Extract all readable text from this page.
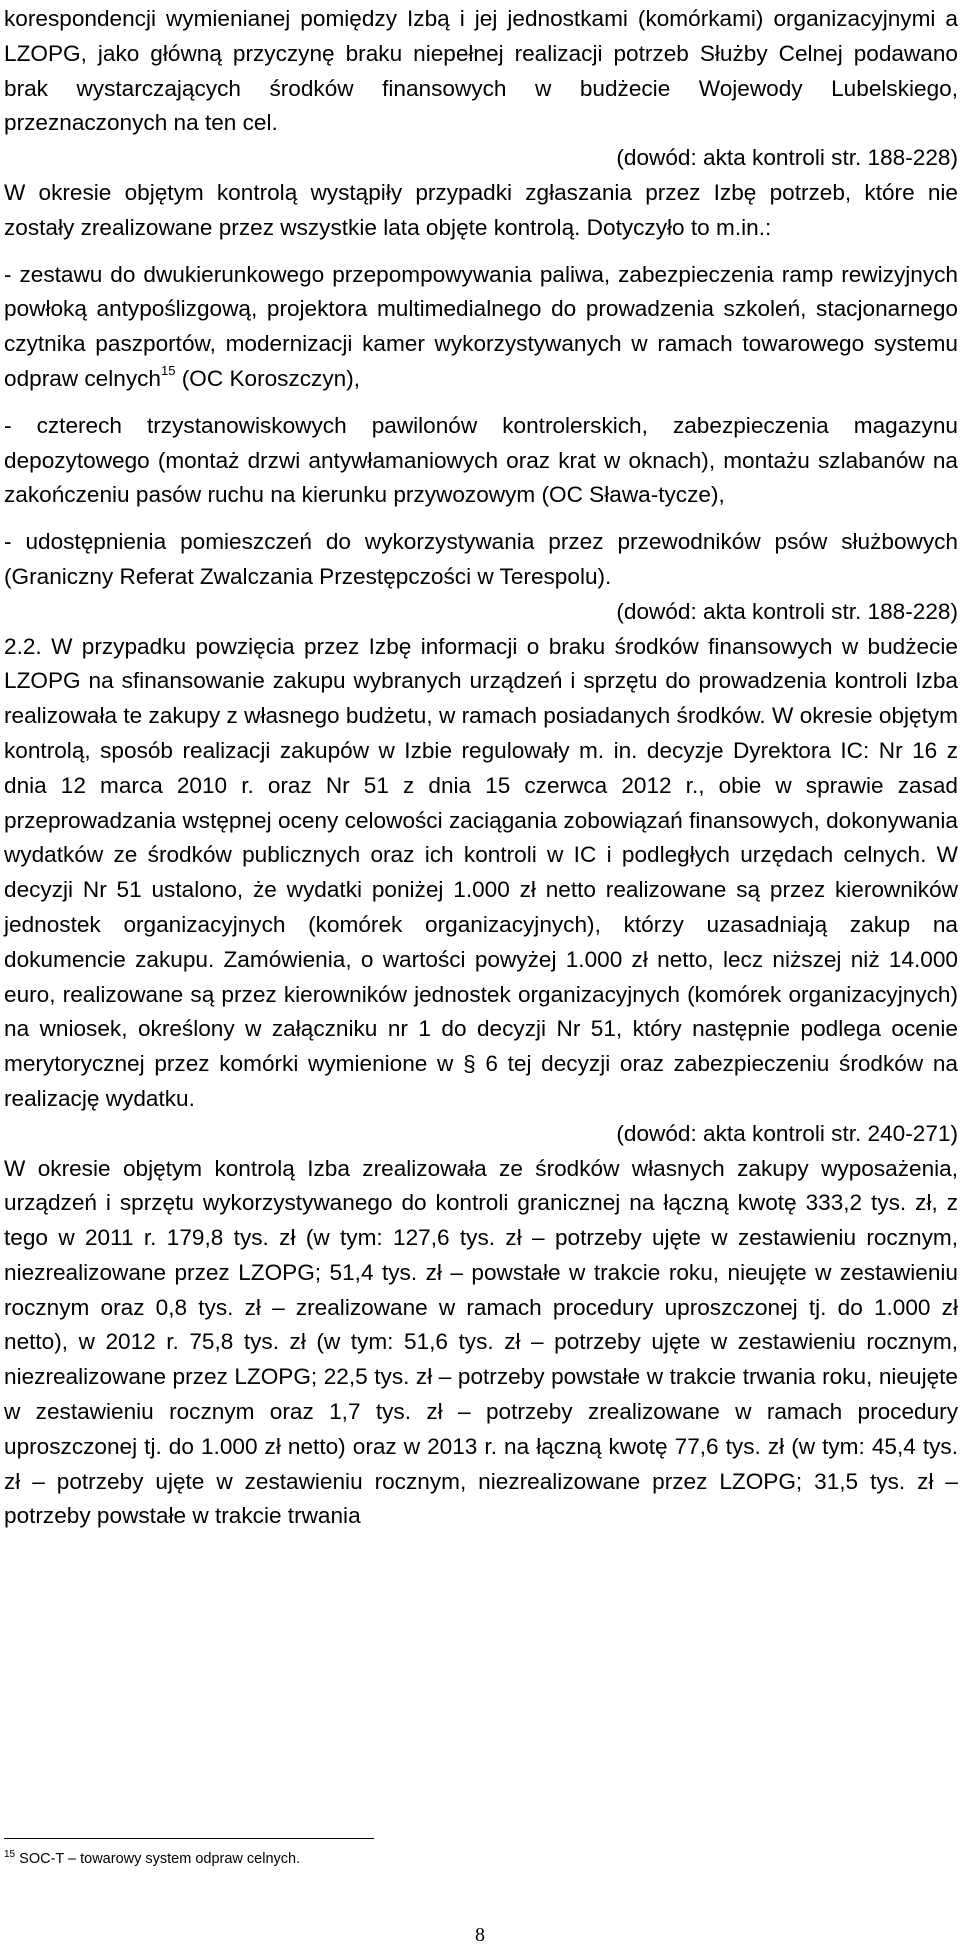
korespondencji wymienianej pomiędzy Izbą i jej jednostkami (komórkami) organizacyjnymi a LZOPG, jako główną przyczynę braku niepełnej realizacji potrzeb Służby Celnej podawano brak wystarczających środków finansowych w budżecie Wojewody Lubelskiego, przeznaczonych na ten cel.

(dowód: akta kontroli str. 188-228)

W okresie objętym kontrolą wystąpiły przypadki zgłaszania przez Izbę potrzeb, które nie zostały zrealizowane przez wszystkie lata objęte kontrolą. Dotyczyło to m.in.:

- zestawu do dwukierunkowego przepompowywania paliwa, zabezpieczenia ramp rewizyjnych powłoką antypoślizgową, projektora multimedialnego do prowadzenia szkoleń, stacjonarnego czytnika paszportów, modernizacji kamer wykorzystywanych w ramach towarowego systemu odpraw celnych$^{15}$ (OC Koroszczyn),

- czterech trzystanowiskowych pawilonów kontrolerskich, zabezpieczenia magazynu depozytowego (montaż drzwi antywłamaniowych oraz krat w oknach), montażu szlabanów na zakończeniu pasów ruchu na kierunku przywozowym (OC Sława-tycze),

- udostępnienia pomieszczeń do wykorzystywania przez przewodników psów służbowych (Graniczny Referat Zwalczania Przestępczości w Terespolu).

(dowód: akta kontroli str. 188-228)

2.2. W przypadku powzięcia przez Izbę informacji o braku środków finansowych w budżecie LZOPG na sfinansowanie zakupu wybranych urządzeń i sprzętu do prowadzenia kontroli Izba realizowała te zakupy z własnego budżetu, w ramach posiadanych środków. W okresie objętym kontrolą, sposób realizacji zakupów w Izbie regulowały m. in. decyzje Dyrektora IC: Nr 16 z dnia 12 marca 2010 r. oraz Nr 51 z dnia 15 czerwca 2012 r., obie w sprawie zasad przeprowadzania wstępnej oceny celowości zaciągania zobowiązań finansowych, dokonywania wydatków ze środków publicznych oraz ich kontroli w IC i podległych urzędach celnych. W decyzji Nr 51 ustalono, że wydatki poniżej 1.000 zł netto realizowane są przez kierowników jednostek organizacyjnych (komórek organizacyjnych), którzy uzasadniają zakup na dokumencie zakupu. Zamówienia, o wartości powyżej 1.000 zł netto, lecz niższej niż 14.000 euro, realizowane są przez kierowników jednostek organizacyjnych (komórek organizacyjnych) na wniosek, określony w załączniku nr 1 do decyzji Nr 51, który następnie podlega ocenie merytorycznej przez komórki wymienione w § 6 tej decyzji oraz zabezpieczeniu środków na realizację wydatku.

(dowód: akta kontroli str. 240-271)

W okresie objętym kontrolą Izba zrealizowała ze środków własnych zakupy wyposażenia, urządzeń i sprzętu wykorzystywanego do kontroli granicznej na łączną kwotę 333,2 tys. zł, z tego w 2011 r. 179,8 tys. zł (w tym: 127,6 tys. zł – potrzeby ujęte w zestawieniu rocznym, niezrealizowane przez LZOPG; 51,4 tys. zł – powstałe w trakcie roku, nieujęte w zestawieniu rocznym oraz 0,8 tys. zł – zrealizowane w ramach procedury uproszczonej tj. do 1.000 zł netto), w 2012 r. 75,8 tys. zł (w tym: 51,6 tys. zł – potrzeby ujęte w zestawieniu rocznym, niezrealizowane przez LZOPG; 22,5 tys. zł – potrzeby powstałe w trakcie trwania roku, nieujęte w zestawieniu rocznym oraz 1,7 tys. zł – potrzeby zrealizowane w ramach procedury uproszczonej tj. do 1.000 zł netto) oraz w 2013 r. na łączną kwotę 77,6 tys. zł (w tym: 45,4 tys. zł – potrzeby ujęte w zestawieniu rocznym, niezrealizowane przez LZOPG; 31,5 tys. zł – potrzeby powstałe w trakcie trwania

$^{15}$ SOC-T – towarowy system odpraw celnych.
8
